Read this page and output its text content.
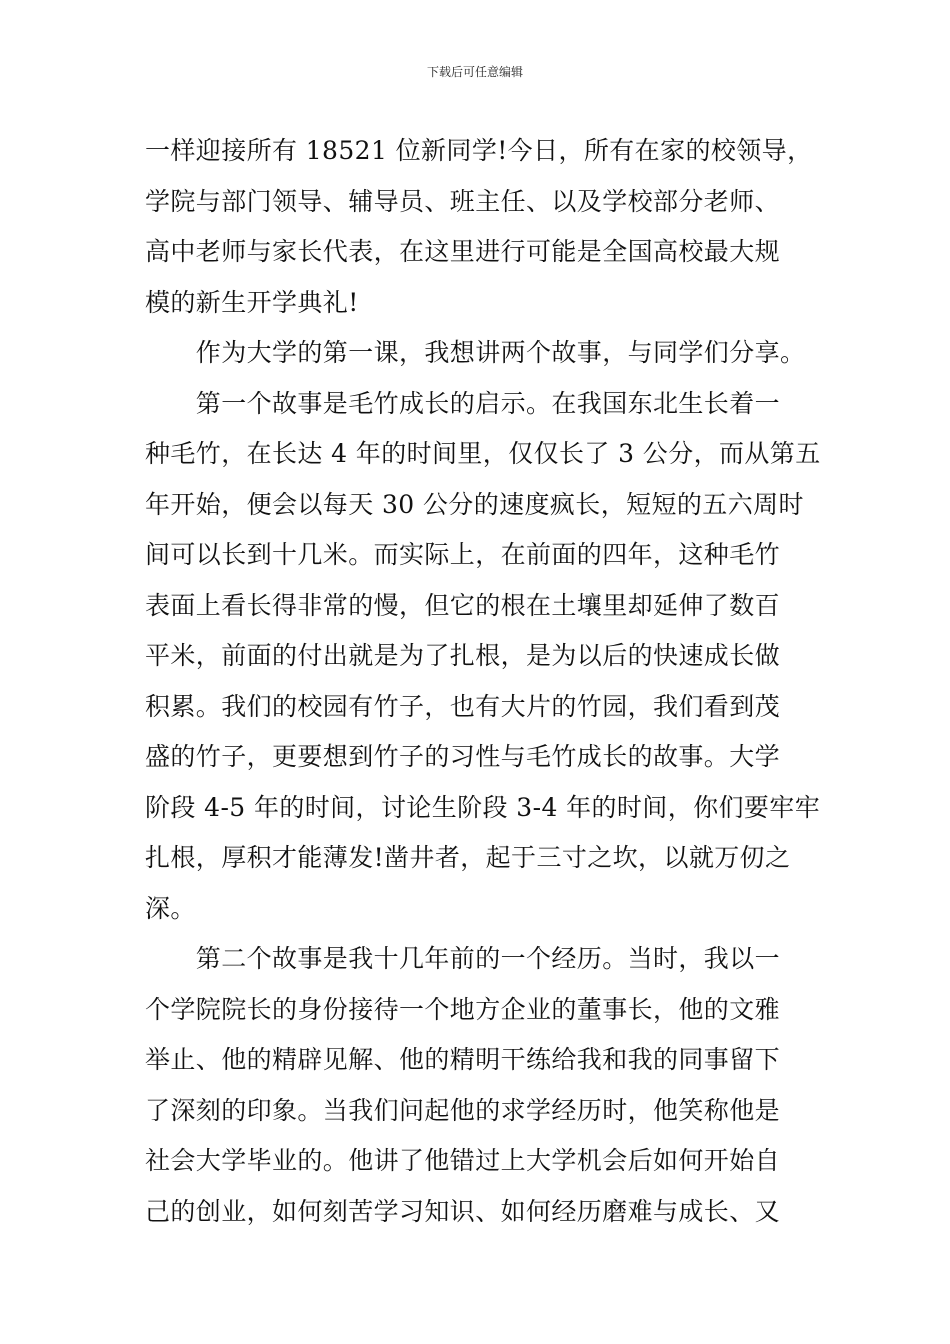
下载后可任意编辑
一样迎接所有 18521 位新同学!今日，所有在家的校领导，
学院与部门领导、辅导员、班主任、以及学校部分老师、
高中老师与家长代表，在这里进行可能是全国高校最大规
模的新生开学典礼!
　　作为大学的第一课，我想讲两个故事，与同学们分享。
　　第一个故事是毛竹成长的启示。在我国东北生长着一
种毛竹，在长达 4 年的时间里，仅仅长了 3 公分，而从第五
年开始，便会以每天 30 公分的速度疯长，短短的五六周时
间可以长到十几米。而实际上，在前面的四年，这种毛竹
表面上看长得非常的慢，但它的根在土壤里却延伸了数百
平米，前面的付出就是为了扎根，是为以后的快速成长做
积累。我们的校园有竹子，也有大片的竹园，我们看到茂
盛的竹子，更要想到竹子的习性与毛竹成长的故事。大学
阶段 4-5 年的时间，讨论生阶段 3-4 年的时间，你们要牢牢
扎根，厚积才能薄发!凿井者，起于三寸之坎，以就万仞之
深。
　　第二个故事是我十几年前的一个经历。当时，我以一
个学院院长的身份接待一个地方企业的董事长，他的文雅
举止、他的精辟见解、他的精明干练给我和我的同事留下
了深刻的印象。当我们问起他的求学经历时，他笑称他是
社会大学毕业的。他讲了他错过上大学机会后如何开始自
己的创业，如何刻苦学习知识、如何经历磨难与成长、又
